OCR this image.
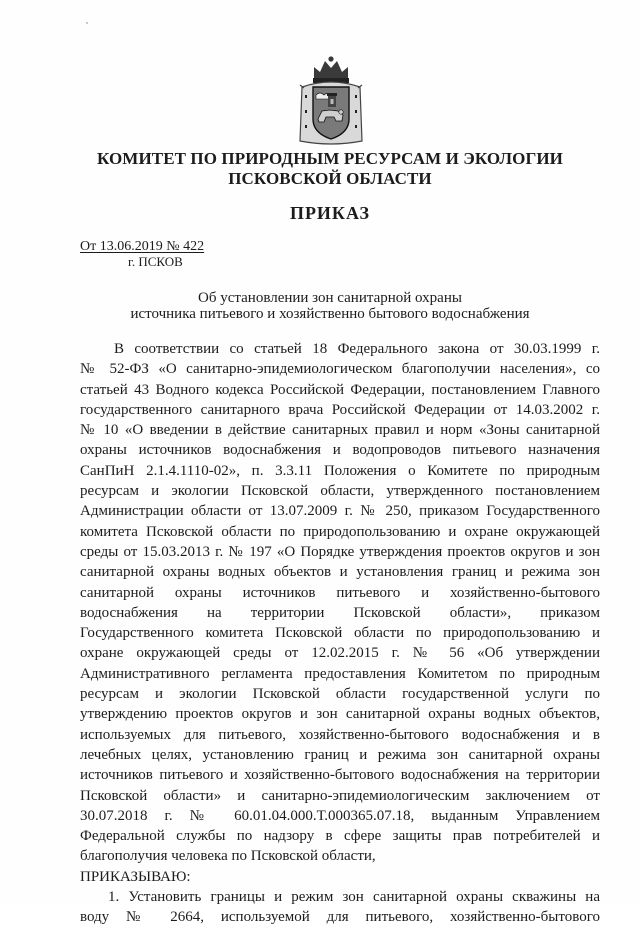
КОМИТЕТ ПО ПРИРОДНЫМ РЕСУРСАМ И ЭКОЛОГИИ
ПСКОВСКОЙ ОБЛАСТИ
ПРИКАЗ
От 13.06.2019 № 422
г. ПСКОВ
Об установлении зон санитарной охраны
источника питьевого и хозяйственно бытового водоснабжения
В соответствии со статьей 18 Федерального закона от 30.03.1999 г.
№ 52-ФЗ «О санитарно-эпидемиологическом благополучии населения», со
статьей 43 Водного кодекса Российской Федерации, постановлением Главного
государственного санитарного врача Российской Федерации от 14.03.2002 г.
№ 10 «О введении в действие санитарных правил и норм «Зоны санитарной
охраны источников водоснабжения и водопроводов питьевого назначения
СанПиН 2.1.4.1110-02», п. 3.3.11 Положения о Комитете по природным
ресурсам и экологии Псковской области, утвержденного постановлением
Администрации области от 13.07.2009 г. № 250, приказом Государственного
комитета Псковской области по природопользованию и охране окружающей
среды от 15.03.2013 г. № 197 «О Порядке утверждения проектов округов и зон
санитарной охраны водных объектов и установления границ и режима зон
санитарной охраны источников питьевого и хозяйственно-бытового
водоснабжения на территории Псковской области», приказом
Государственного комитета Псковской области по природопользованию и
охране окружающей среды от 12.02.2015 г. № 56 «Об утверждении
Административного регламента предоставления Комитетом по природным
ресурсам и экологии Псковской области государственной услуги по
утверждению проектов округов и зон санитарной охраны водных объектов,
используемых для питьевого, хозяйственно-бытового водоснабжения и в
лечебных целях, установлению границ и режима зон санитарной охраны
источников питьевого и хозяйственно-бытового водоснабжения на территории
Псковской области» и санитарно-эпидемиологическим заключением от
30.07.2018 г. № 60.01.04.000.Т.000365.07.18, выданным Управлением
Федеральной службы по надзору в сфере защиты прав потребителей и
благополучия человека по Псковской области,
ПРИКАЗЫВАЮ:
1. Установить границы и режим зон санитарной охраны скважины на
воду № 2664, используемой для питьевого, хозяйственно-бытового
